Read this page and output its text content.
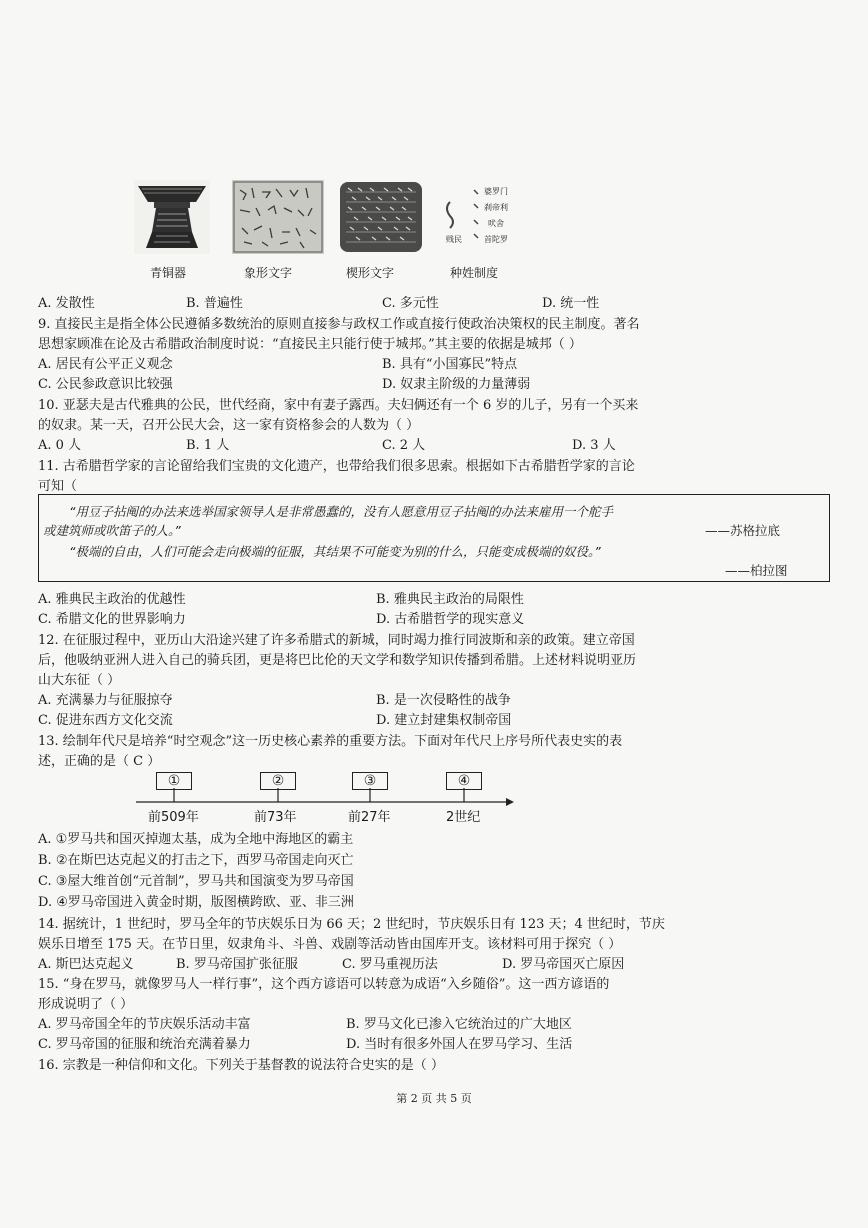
婆罗门
刹帝利
吠舍
首陀罗
贱民
青铜器	象形文字	楔形文字	种姓制度
A. 发散性	B. 普遍性	C. 多元性	D. 统一性
9. 直接民主是指全体公民遵循多数统治的原则直接参与政权工作或直接行使政治决策权的民主制度。著名
思想家顾准在论及古希腊政治制度时说：“直接民主只能行使于城邦。”其主要的依据是城邦（ ）
A. 居民有公平正义观念	B. 具有“小国寡民”特点
C. 公民参政意识比较强	D. 奴隶主阶级的力量薄弱
10. 亚瑟夫是古代雅典的公民，世代经商，家中有妻子露西。夫妇俩还有一个 6 岁的儿子，另有一个买来
的奴隶。某一天，召开公民大会，这一家有资格参会的人数为（ ）
A. 0 人	B. 1 人	C. 2 人	D. 3 人
11. 古希腊哲学家的言论留给我们宝贵的文化遗产，也带给我们很多思索。根据如下古希腊哲学家的言论
可知（
“用豆子拈阄的办法来选举国家领导人是非常愚蠢的，没有人愿意用豆子拈阄的办法来雇用一个舵手
或建筑师或吹笛子的人。”	——苏格拉底
“极端的自由，人们可能会走向极端的征服，其结果不可能变为别的什么，只能变成极端的奴役。”
——柏拉图
A. 雅典民主政治的优越性	B. 雅典民主政治的局限性
C. 希腊文化的世界影响力	D. 古希腊哲学的现实意义
12. 在征服过程中，亚历山大沿途兴建了许多希腊式的新城，同时竭力推行同波斯和亲的政策。建立帝国
后，他吸纳亚洲人进入自己的骑兵团，更是将巴比伦的天文学和数学知识传播到希腊。上述材料说明亚历
山大东征（ ）
A. 充满暴力与征服掠夺	B. 是一次侵略性的战争
C. 促进东西方文化交流	D. 建立封建集权制帝国
13. 绘制年代尺是培养“时空观念”这一历史核心素养的重要方法。下面对年代尺上序号所代表史实的表
述，正确的是（ C ）
①	②	③	④
前509年	前73年	前27年	2世纪
A. ①罗马共和国灭掉迦太基，成为全地中海地区的霸主
B. ②在斯巴达克起义的打击之下，西罗马帝国走向灭亡
C. ③屋大维首创“元首制”，罗马共和国演变为罗马帝国
D. ④罗马帝国进入黄金时期，版图横跨欧、亚、非三洲
14. 据统计，1 世纪时，罗马全年的节庆娱乐日为 66 天；2 世纪时，节庆娱乐日有 123 天；4 世纪时，节庆
娱乐日增至 175 天。在节日里，奴隶角斗、斗兽、戏剧等活动皆由国库开支。该材料可用于探究（ ）
A. 斯巴达克起义	B. 罗马帝国扩张征服	C. 罗马重视历法	D. 罗马帝国灭亡原因
15. “身在罗马，就像罗马人一样行事”，这个西方谚语可以转意为成语“入乡随俗”。这一西方谚语的
形成说明了（ ）
A. 罗马帝国全年的节庆娱乐活动丰富	B. 罗马文化已渗入它统治过的广大地区
C. 罗马帝国的征服和统治充满着暴力	D. 当时有很多外国人在罗马学习、生活
16. 宗教是一种信仰和文化。下列关于基督教的说法符合史实的是（ ）
第 2 页 共 5 页
